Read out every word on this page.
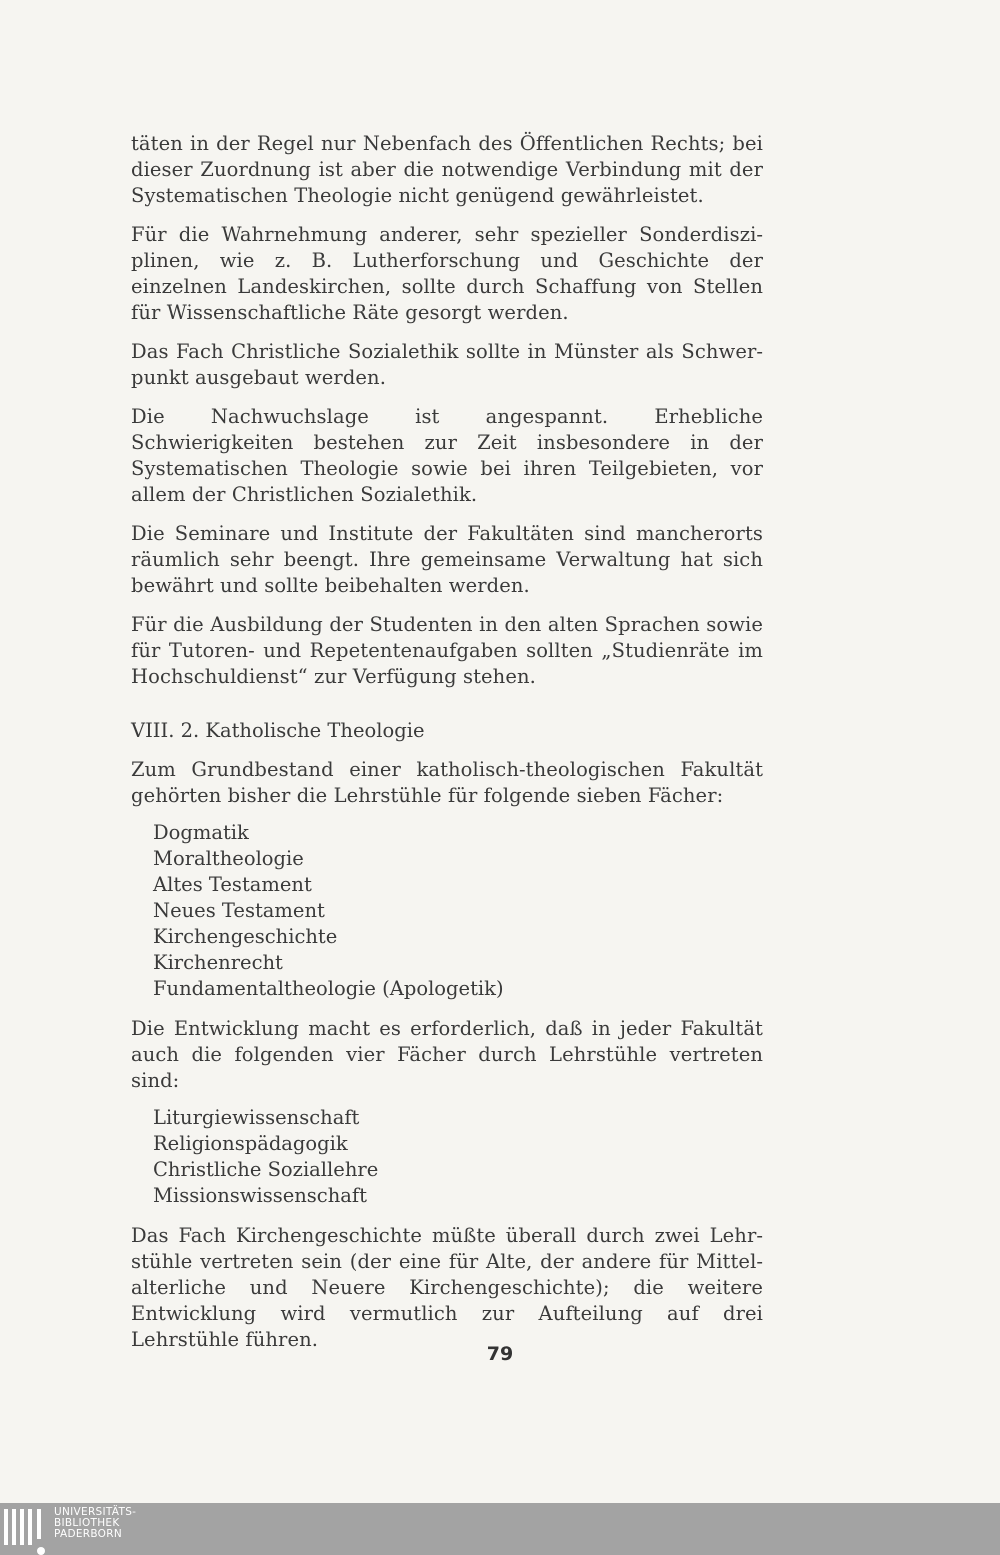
täten in der Regel nur Nebenfach des Öffentlichen Rechts; bei dieser Zuordnung ist aber die notwendige Verbindung mit der Systematischen Theologie nicht genügend gewährleistet.

Für die Wahrnehmung anderer, sehr spezieller Sonderdisziplinen, wie z. B. Lutherforschung und Geschichte der einzelnen Landeskirchen, sollte durch Schaffung von Stellen für Wissenschaftliche Räte gesorgt werden.

Das Fach Christliche Sozialethik sollte in Münster als Schwerpunkt ausgebaut werden.

Die Nachwuchslage ist angespannt. Erhebliche Schwierigkeiten bestehen zur Zeit insbesondere in der Systematischen Theologie sowie bei ihren Teilgebieten, vor allem der Christlichen Sozialethik.

Die Seminare und Institute der Fakultäten sind mancherorts räumlich sehr beengt. Ihre gemeinsame Verwaltung hat sich bewährt und sollte beibehalten werden.

Für die Ausbildung der Studenten in den alten Sprachen sowie für Tutoren- und Repetentenaufgaben sollten „Studienräte im Hochschuldienst“ zur Verfügung stehen.

VIII. 2. Katholische Theologie

Zum Grundbestand einer katholisch-theologischen Fakultät gehörten bisher die Lehrstühle für folgende sieben Fächer:

Dogmatik
Moraltheologie
Altes Testament
Neues Testament
Kirchengeschichte
Kirchenrecht
Fundamentaltheologie (Apologetik)

Die Entwicklung macht es erforderlich, daß in jeder Fakultät auch die folgenden vier Fächer durch Lehrstühle vertreten sind:

Liturgiewissenschaft
Religionspädagogik
Christliche Soziallehre
Missionswissenschaft

Das Fach Kirchengeschichte müßte überall durch zwei Lehrstühle vertreten sein (der eine für Alte, der andere für Mittelalterliche und Neuere Kirchengeschichte); die weitere Entwicklung wird vermutlich zur Aufteilung auf drei Lehrstühle führen.

79
UNIVERSITÄTS-
BIBLIOTHEK
PADERBORN
